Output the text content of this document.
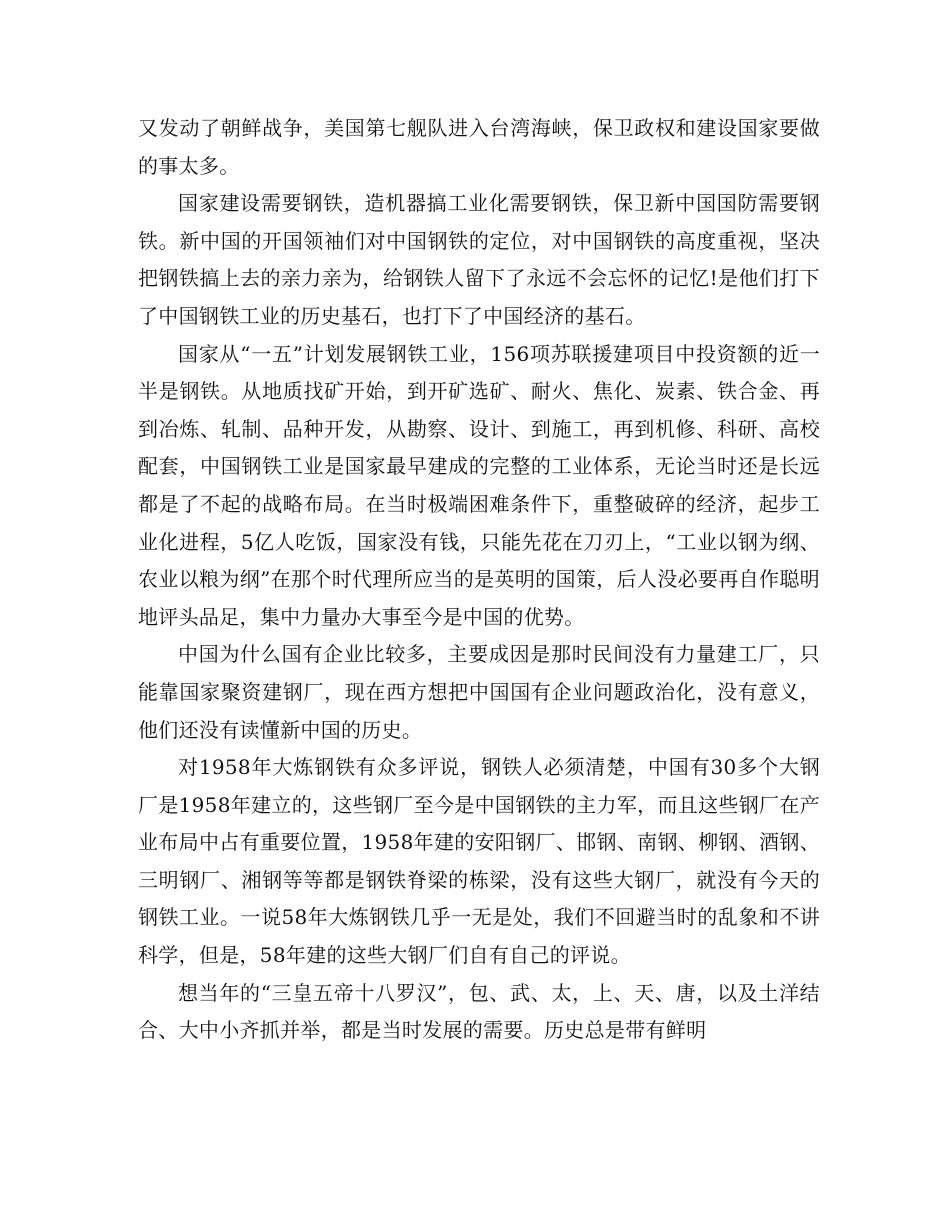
又发动了朝鲜战争，美国第七舰队进入台湾海峡，保卫政权和建设国家要做的事太多。

国家建设需要钢铁，造机器搞工业化需要钢铁，保卫新中国国防需要钢铁。新中国的开国领袖们对中国钢铁的定位，对中国钢铁的高度重视，坚决把钢铁搞上去的亲力亲为，给钢铁人留下了永远不会忘怀的记忆!是他们打下了中国钢铁工业的历史基石，也打下了中国经济的基石。

国家从“一五”计划发展钢铁工业，156项苏联援建项目中投资额的近一半是钢铁。从地质找矿开始，到开矿选矿、耐火、焦化、炭素、铁合金、再到冶炼、轧制、品种开发，从勘察、设计、到施工，再到机修、科研、高校配套，中国钢铁工业是国家最早建成的完整的工业体系，无论当时还是长远都是了不起的战略布局。在当时极端困难条件下，重整破碎的经济，起步工业化进程，5亿人吃饭，国家没有钱，只能先花在刀刃上，“工业以钢为纲、农业以粮为纲”在那个时代理所应当的是英明的国策，后人没必要再自作聪明地评头品足，集中力量办大事至今是中国的优势。

中国为什么国有企业比较多，主要成因是那时民间没有力量建工厂，只能靠国家聚资建钢厂，现在西方想把中国国有企业问题政治化，没有意义，他们还没有读懂新中国的历史。

对1958年大炼钢铁有众多评说，钢铁人必须清楚，中国有30多个大钢厂是1958年建立的，这些钢厂至今是中国钢铁的主力军，而且这些钢厂在产业布局中占有重要位置，1958年建的安阳钢厂、邯钢、南钢、柳钢、酒钢、三明钢厂、湘钢等等都是钢铁脊梁的栋梁，没有这些大钢厂，就没有今天的钢铁工业。一说58年大炼钢铁几乎一无是处，我们不回避当时的乱象和不讲科学，但是，58年建的这些大钢厂们自有自己的评说。

想当年的“三皇五帝十八罗汉”，包、武、太，上、天、唐，以及土洋结合、大中小齐抓并举，都是当时发展的需要。历史总是带有鲜明
